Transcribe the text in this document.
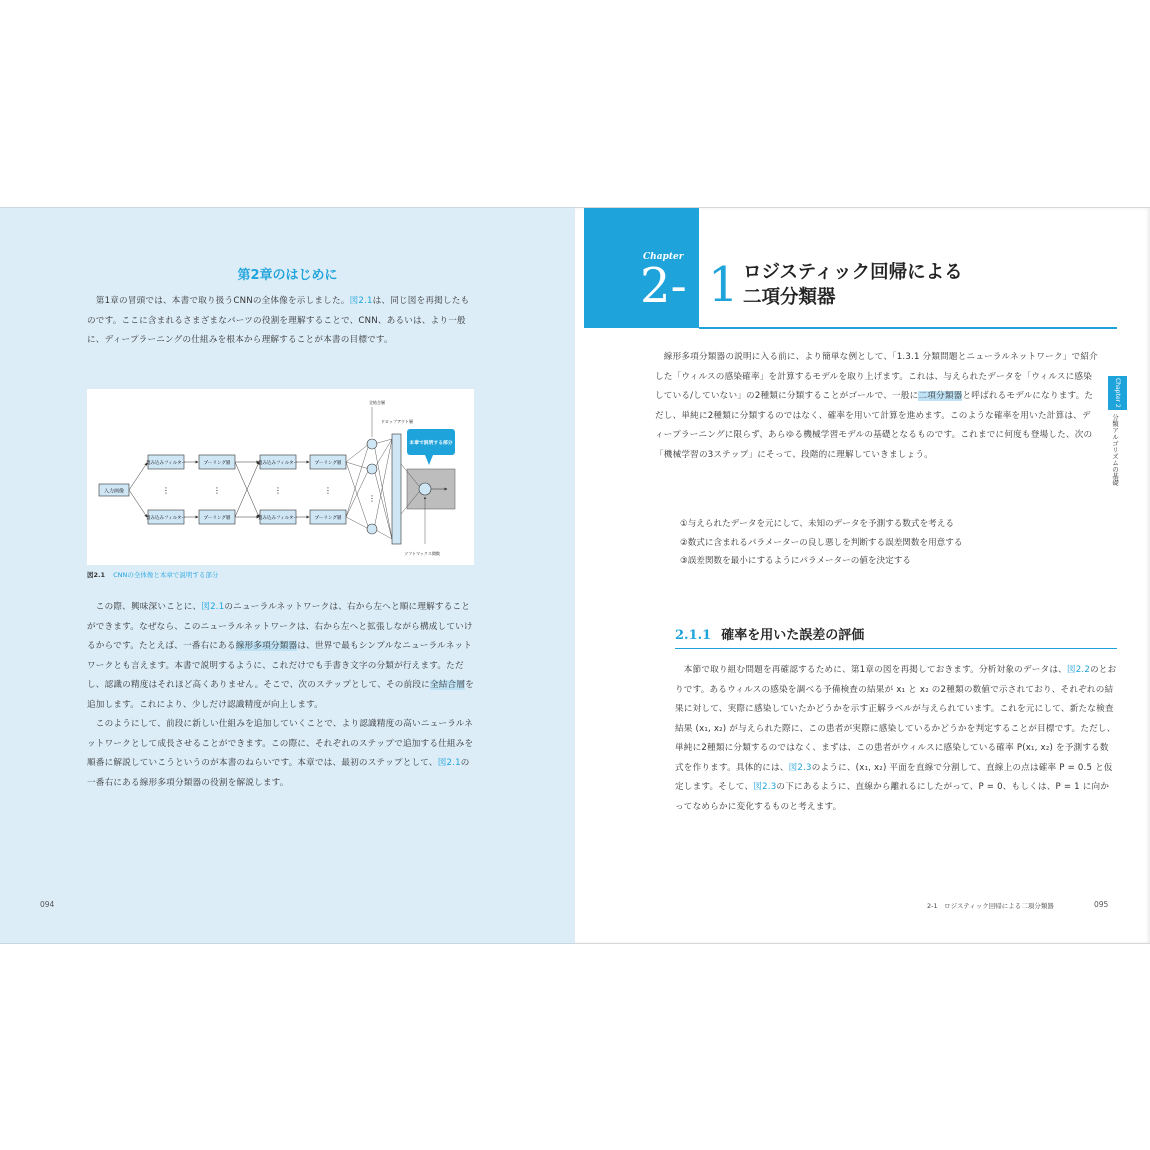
第2章のはじめに
　第1章の冒頭では、本書で取り扱うCNNの全体像を示しました。図2.1は、同じ図を再掲したものです。ここに含まれるさまざまなパーツの役割を理解することで、CNN、あるいは、より一般に、ディープラーニングの仕組みを根本から理解することが本書の目標です。
入力画像
畳み込みフィルター
畳み込みフィルター
⋮
プーリング層
プーリング層
⋮
畳み込みフィルター
畳み込みフィルター
⋮
プーリング層
プーリング層
⋮
⋮
全結合層
ドロップアウト層
ソフトマックス関数
本章で説明する部分
図2.1 CNNの全体像と本章で説明する部分
　この際、興味深いことに、図2.1のニューラルネットワークは、右から左へと順に理解することができます。なぜなら、このニューラルネットワークは、右から左へと拡張しながら構成していけるからです。たとえば、一番右にある線形多項分類器は、世界で最もシンプルなニューラルネットワークとも言えます。本書で説明するように、これだけでも手書き文字の分類が行えます。ただし、認識の精度はそれほど高くありません。そこで、次のステップとして、その前段に全結合層を追加します。これにより、少しだけ認識精度が向上します。
　このようにして、前段に新しい仕組みを追加していくことで、より認識精度の高いニューラルネットワークとして成長させることができます。この際に、それぞれのステップで追加する仕組みを順番に解説していこうというのが本書のねらいです。本章では、最初のステップとして、図2.1の一番右にある線形多項分類器の役割を解説します。
094
Chapter
2- 1 ロジスティック回帰による
二項分類器
Chapter 2
分類アルゴリズムの基礎
　線形多項分類器の説明に入る前に、より簡単な例として、「1.3.1 分類問題とニューラルネットワーク」で紹介した「ウィルスの感染確率」を計算するモデルを取り上げます。これは、与えられたデータを「ウィルスに感染している/していない」の2種類に分類することがゴールで、一般に二項分類器と呼ばれるモデルになります。ただし、単純に2種類に分類するのではなく、確率を用いて計算を進めます。このような確率を用いた計算は、ディープラーニングに限らず、あらゆる機械学習モデルの基礎となるものです。これまでに何度も登場した、次の「機械学習の3ステップ」にそって、段階的に理解していきましょう。
①与えられたデータを元にして、未知のデータを予測する数式を考える
②数式に含まれるパラメーターの良し悪しを判断する誤差関数を用意する
③誤差関数を最小にするようにパラメーターの値を決定する
2.1.1 確率を用いた誤差の評価
　本節で取り組む問題を再確認するために、第1章の図を再掲しておきます。分析対象のデータは、図2.2のとおりです。あるウィルスの感染を調べる予備検査の結果が x₁ と x₂ の2種類の数値で示されており、それぞれの結果に対して、実際に感染していたかどうかを示す正解ラベルが与えられています。これを元にして、新たな検査結果 (x₁, x₂) が与えられた際に、この患者が実際に感染しているかどうかを判定することが目標です。ただし、単純に2種類に分類するのではなく、まずは、この患者がウィルスに感染している確率 P(x₁, x₂) を予測する数式を作ります。具体的には、図2.3のように、(x₁, x₂) 平面を直線で分割して、直線上の点は確率 P = 0.5 と仮定します。そして、図2.3の下にあるように、直線から離れるにしたがって、P = 0、もしくは、P = 1 に向かってなめらかに変化するものと考えます。
2-1　ロジスティック回帰による二項分類器	095
